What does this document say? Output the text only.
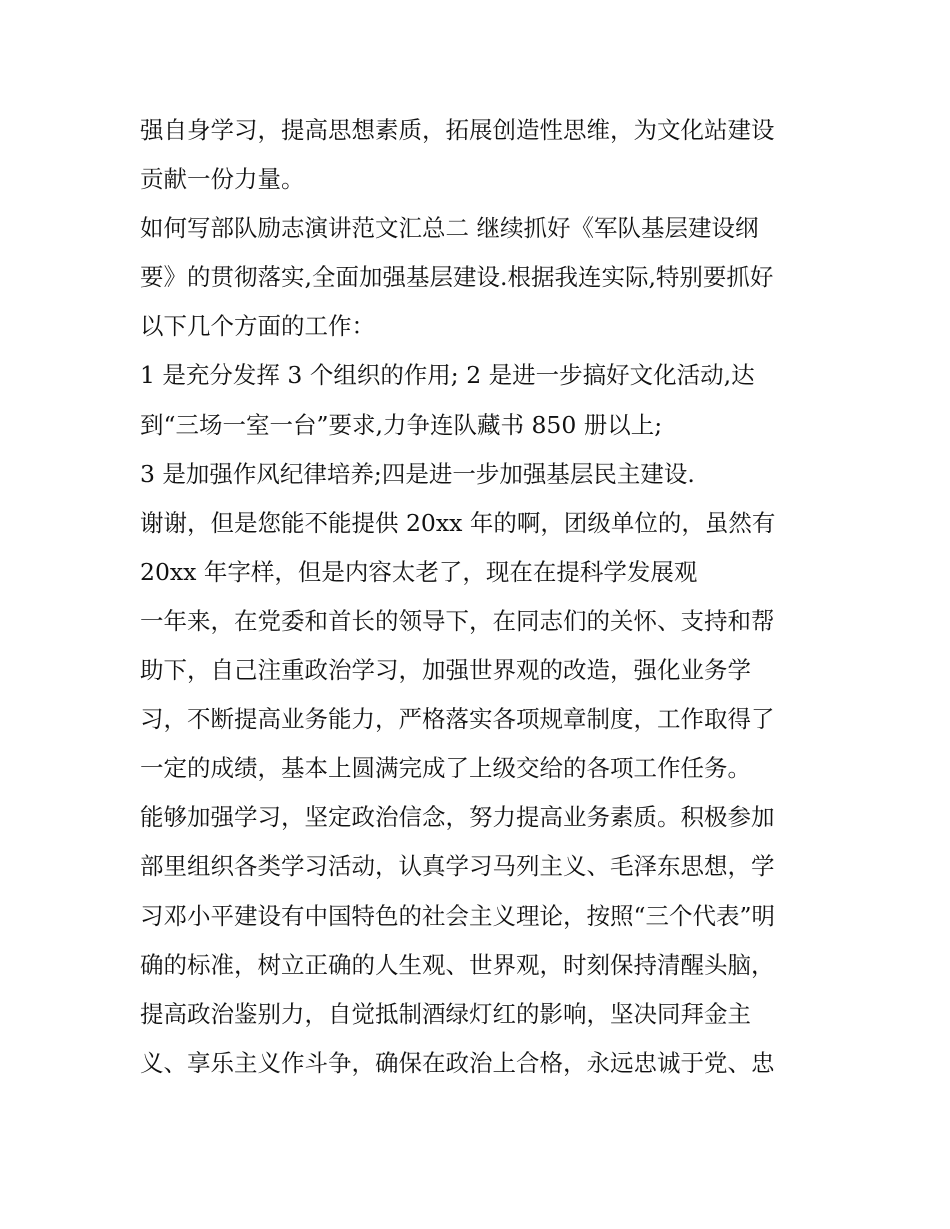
强自身学习，提高思想素质，拓展创造性思维，为文化站建设
贡献一份力量。
如何写部队励志演讲范文汇总二 继续抓好《军队基层建设纲
要》的贯彻落实,全面加强基层建设.根据我连实际,特别要抓好
以下几个方面的工作：
1 是充分发挥 3 个组织的作用; 2 是进一步搞好文化活动,达
到“三场一室一台”要求,力争连队藏书 850 册以上;
3 是加强作风纪律培养;四是进一步加强基层民主建设.
谢谢，但是您能不能提供 20xx 年的啊，团级单位的，虽然有
20xx 年字样，但是内容太老了，现在在提科学发展观
一年来，在党委和首长的领导下，在同志们的关怀、支持和帮
助下，自己注重政治学习，加强世界观的改造，强化业务学
习，不断提高业务能力，严格落实各项规章制度，工作取得了
一定的成绩，基本上圆满完成了上级交给的各项工作任务。
能够加强学习，坚定政治信念，努力提高业务素质。积极参加
部里组织各类学习活动，认真学习马列主义、毛泽东思想，学
习邓小平建设有中国特色的社会主义理论，按照“三个代表”明
确的标准，树立正确的人生观、世界观，时刻保持清醒头脑，
提高政治鉴别力，自觉抵制酒绿灯红的影响，坚决同拜金主
义、享乐主义作斗争，确保在政治上合格，永远忠诚于党、忠
